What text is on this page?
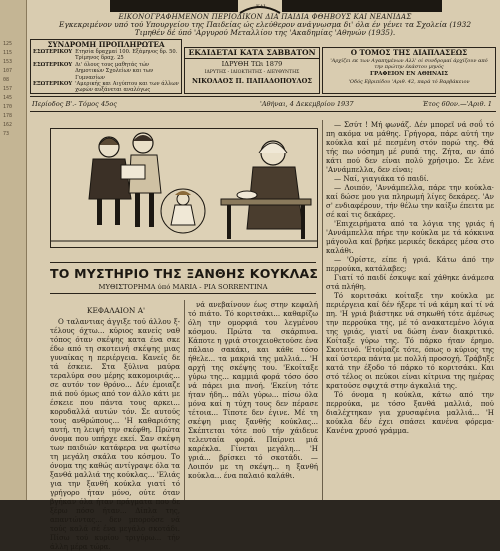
125
115
153
107
08
157
145
170
178
162
73
ΚΑΙ
ΕΙΚΟΝΟΓΡΑΦΗΜΕΝΟΝ ΠΕΡΙΟΔΙΚΟΝ ΔΙΑ ΠΑΙΔΙΑ ΦΘΗΒΟΥΣ ΚΑΙ ΝΕΑΝΙΔΑΣ
Εγκεκριμένον υπό τού Υπουργείου της Παιδείας ώς ελεύθερον ανάγνωσμα δι' όλα έν γένει τα Σχολεία (1932
Τιμηθέν δέ ύπό 'Αργυρού Μεταλλίου της 'Ακαδημίας 'Αθηνών (1935).
ΣΥΝΔΡΟΜΗ ΠΡΟΠΛΗΡΩΤΕΑ
ΕΣΩΤΕΡΙΚΟΥ Ετησία δραχμαί 100. Εξάμηνος δρ. 50. Τρίμηνος δραχ. 25
ΕΣΩΤΕΡΙΚΟΥ Δι' όλους τους μαθητάς τών Δημοτικών Σχολείων και των Γυμνασίων
ΕΞΩΤΕΡΙΚΟΥ 'Αμερικής και Αιγύπτου και των άλλων χωρών αυξάνεται αναλόγως
ΕΚΔΙΔΕΤΑΙ ΚΑΤΑ ΣΑΒΒΑΤΟΝ
ΙΔΡΥΘΗ ΤΩι 1879
ΙΔΡΥΤΗΣ - ΙΔΙΟΚΤΗΤΗΣ - ΔΙΕΥΘΥΝΤΗΣ
ΝΙΚΟΛΑΟΣ Π. ΠΑΠΑΔΟΠΟΥΛΟΣ
Ο ΤΟΜΟΣ ΤΗΣ ΔΙΑΠΛΑΣΕΩΣ
'Αρχίζει εκ των Αγαπημένων Αλλ' οί συνδρομαί άρχίζουν από την πρώτην έκάστου μηνός
ΓΡΑΦΕΙΟΝ ΕΝ ΑΘΗΝΑΙΣ
'Οδός Εβριπίδου 'Αριθ. 42, παρά τό Βαρβάκειον
Περίοδος Β'.- Τόμος 45ος	'Αθήναι, 4 Δεκεμβρίου 1937	Έτος 60ον.—'Αριθ. 1
ΤΟ ΜΥΣΤΗΡΙΟ ΤΗΣ ΞΑΝΘΗΣ ΚΟΥΚΛΑΣ
ΜΥΘΙΣΤΟΡΗΜΑ ύπό MARIA - PIA SORRENTINA
ΚΕΦΑΛΑΙΟΝ Α'

Ο ταλαντιας άγγιξε τού άλλου ξ- τέλους όχτω... κύριος κανείς ναθ τόπος όταν σκέψης κατα ένα σκε έδω από τη σκοτεινή σκέψης μιας γυναίκας η περιέργεια. Κανείς δε τά έσκειε. Στα ξύλινα μαύρα τεραλύρα σου μέρης κακομοιριάς... σε αυτόν τον θρόνο... Δέν έμοιαζε πιά πού όμως από τον άλλο κάτι με έσκειε που πάντα τους αρκει... κορυδαλλά αυτών τόν. Σε αυτούς τους ανθρώπους... 'Η καθαριότης αυτή, τη λειψή την σκέφθη. Πρώτα όνομα που υπήρχε εκεί. Σαν σκέψη των παιδιών κατάφερα να φωτίσω τη μεγάλη σκάλα του κόσμου. Το όνομα της καθώς αντίγραψε όλα τα ξανθά μαλλιά της κούκλας... 'Ελιάς για την ξανθή κούκλα γιατί τό γρήγορο ήταν μόνο, ούτε όταν βγήκαν όλα ήταν πράγματα που δε ξέρω πόσο ήταν... Δίπλα της, απαντώντας... δεν μπορούσε νά τούς καλά σέ ένα μεγάλο σκοτάδι. Πίσω τού κυρίου τριγύρω... τήν άλλη μέρα τώρα.

νά ανεβαίνουν έως στην κεφαλή τό πιάτο. Τό κοριτσάκι... καθαρίζω όλη την ομορφιά του λεγμένου κόσμου. Πρώτα τα σκάρπινα. Κάποτε η γριά στοιχειοθετούσε ένα πάλαιο σακάκι, και κάθε τόσο ήθελε... τα μακριά της μαλλιά... 'Η αρχή της σκέψης του. 'Εκοίταξε γύρω της... καμμιά φορά τόσο όσο νά πάρει μια πνοή. 'Εκείνη τότε ήταν ήδη... πάλι γύρω... πίσω όλα μόνα καί η τύχη τους δεν πέρασε τέτοια... Τίποτε δεν έγινε. Μέ τη σκέψη μιας ξανθής κούκλας... Σκέπτεται τότε πού τήν χάιδευε τελευταία φορά. Παίρνει μιά καρέκλα. Γίνεται μεγάλη... 'Η γριά... βρίσκει τό σκοτάδι. — Λοιπόν με τη σκέψη... η ξανθή κούκλα... ένα παλαιό καλάθι.

— Σσύτ ! Μή φωνάζ. Δέν μπορεϊ νά σοΰ τό πη ακόμα να μάθης. Γρήγορα, πάρε αύτή την κούκλα καί μέ πεσμένη στόν πορώ της. Θά τής πω νόσημη μέ ρυπά της. Ζήτα, αν άπό κάτι πού δεν είναι πολύ χρήσιμο. Σε λένε 'Αννάμπελλα, δεν είναι;

— Ναί, γιαγιάκα τό παιδί.

— Λοιπόν, 'Αννάμπελλα, πάρε την κούκλα· καί δώσε μου για πληρωμή λίγες δεκάρες. 'Αν σ' ενδιαφέρουν, τήν θέλω την καίξω έπειτα με σέ καί τις δεκάρες.

'Επιχειρήματα από τα λόγια της γριάς ή 'Αννάμπελλα πήρε την κούκλα με τά κόκκινα μάγουλα καί βρήκε μερικές δεκάρες μέσα στο καλάθι.

— 'Ορίστε, είπε ή γριά. Κάτω άπό την περρούκα, κατάλαβες;

Γιατί τό παιδί έσκυψε καί χάθηκε άνάμεσα στά πλήθη.

Τό κοριτσάκι κοίταξε την κούκλα με περιέργεια καί δέν ήξερε τί νά κάμη καί τί νά πη. 'Η γριά βιάστηκε νά σηκωθή τότε άμέσως την περρούκα της, μέ τό ανακατεμένο λόγια της γριάς, γιατί να δώση έναν διακριτικό. Κοίταξε γύρω της. Τό πάρκο ήταν έρημο. Σκοτεινό. 'Ετοίμαζε τότε, όπως ο κύριος της καί ύστερα πάντα με πολλή προσοχή. Τράβηξε κατά την έξοδο τό πάρκο τό κοριτσάκι. Και στό τέλος οι πεύκοι είναι κίτρινα της ημέρας κρατούσε σφιχτά στην άγκαλιά της.

Τό όνομα η κούκλα, κάτω από την περρούκα, με τόσο ξανθά μαλλιά, πού διαλέχτηκαν για χρυσαφένια μαλλιά... 'Η κούκλα δέν έχει σπάσει κανένα φόρεμα· Κανένα χρυσό γράμμα.
